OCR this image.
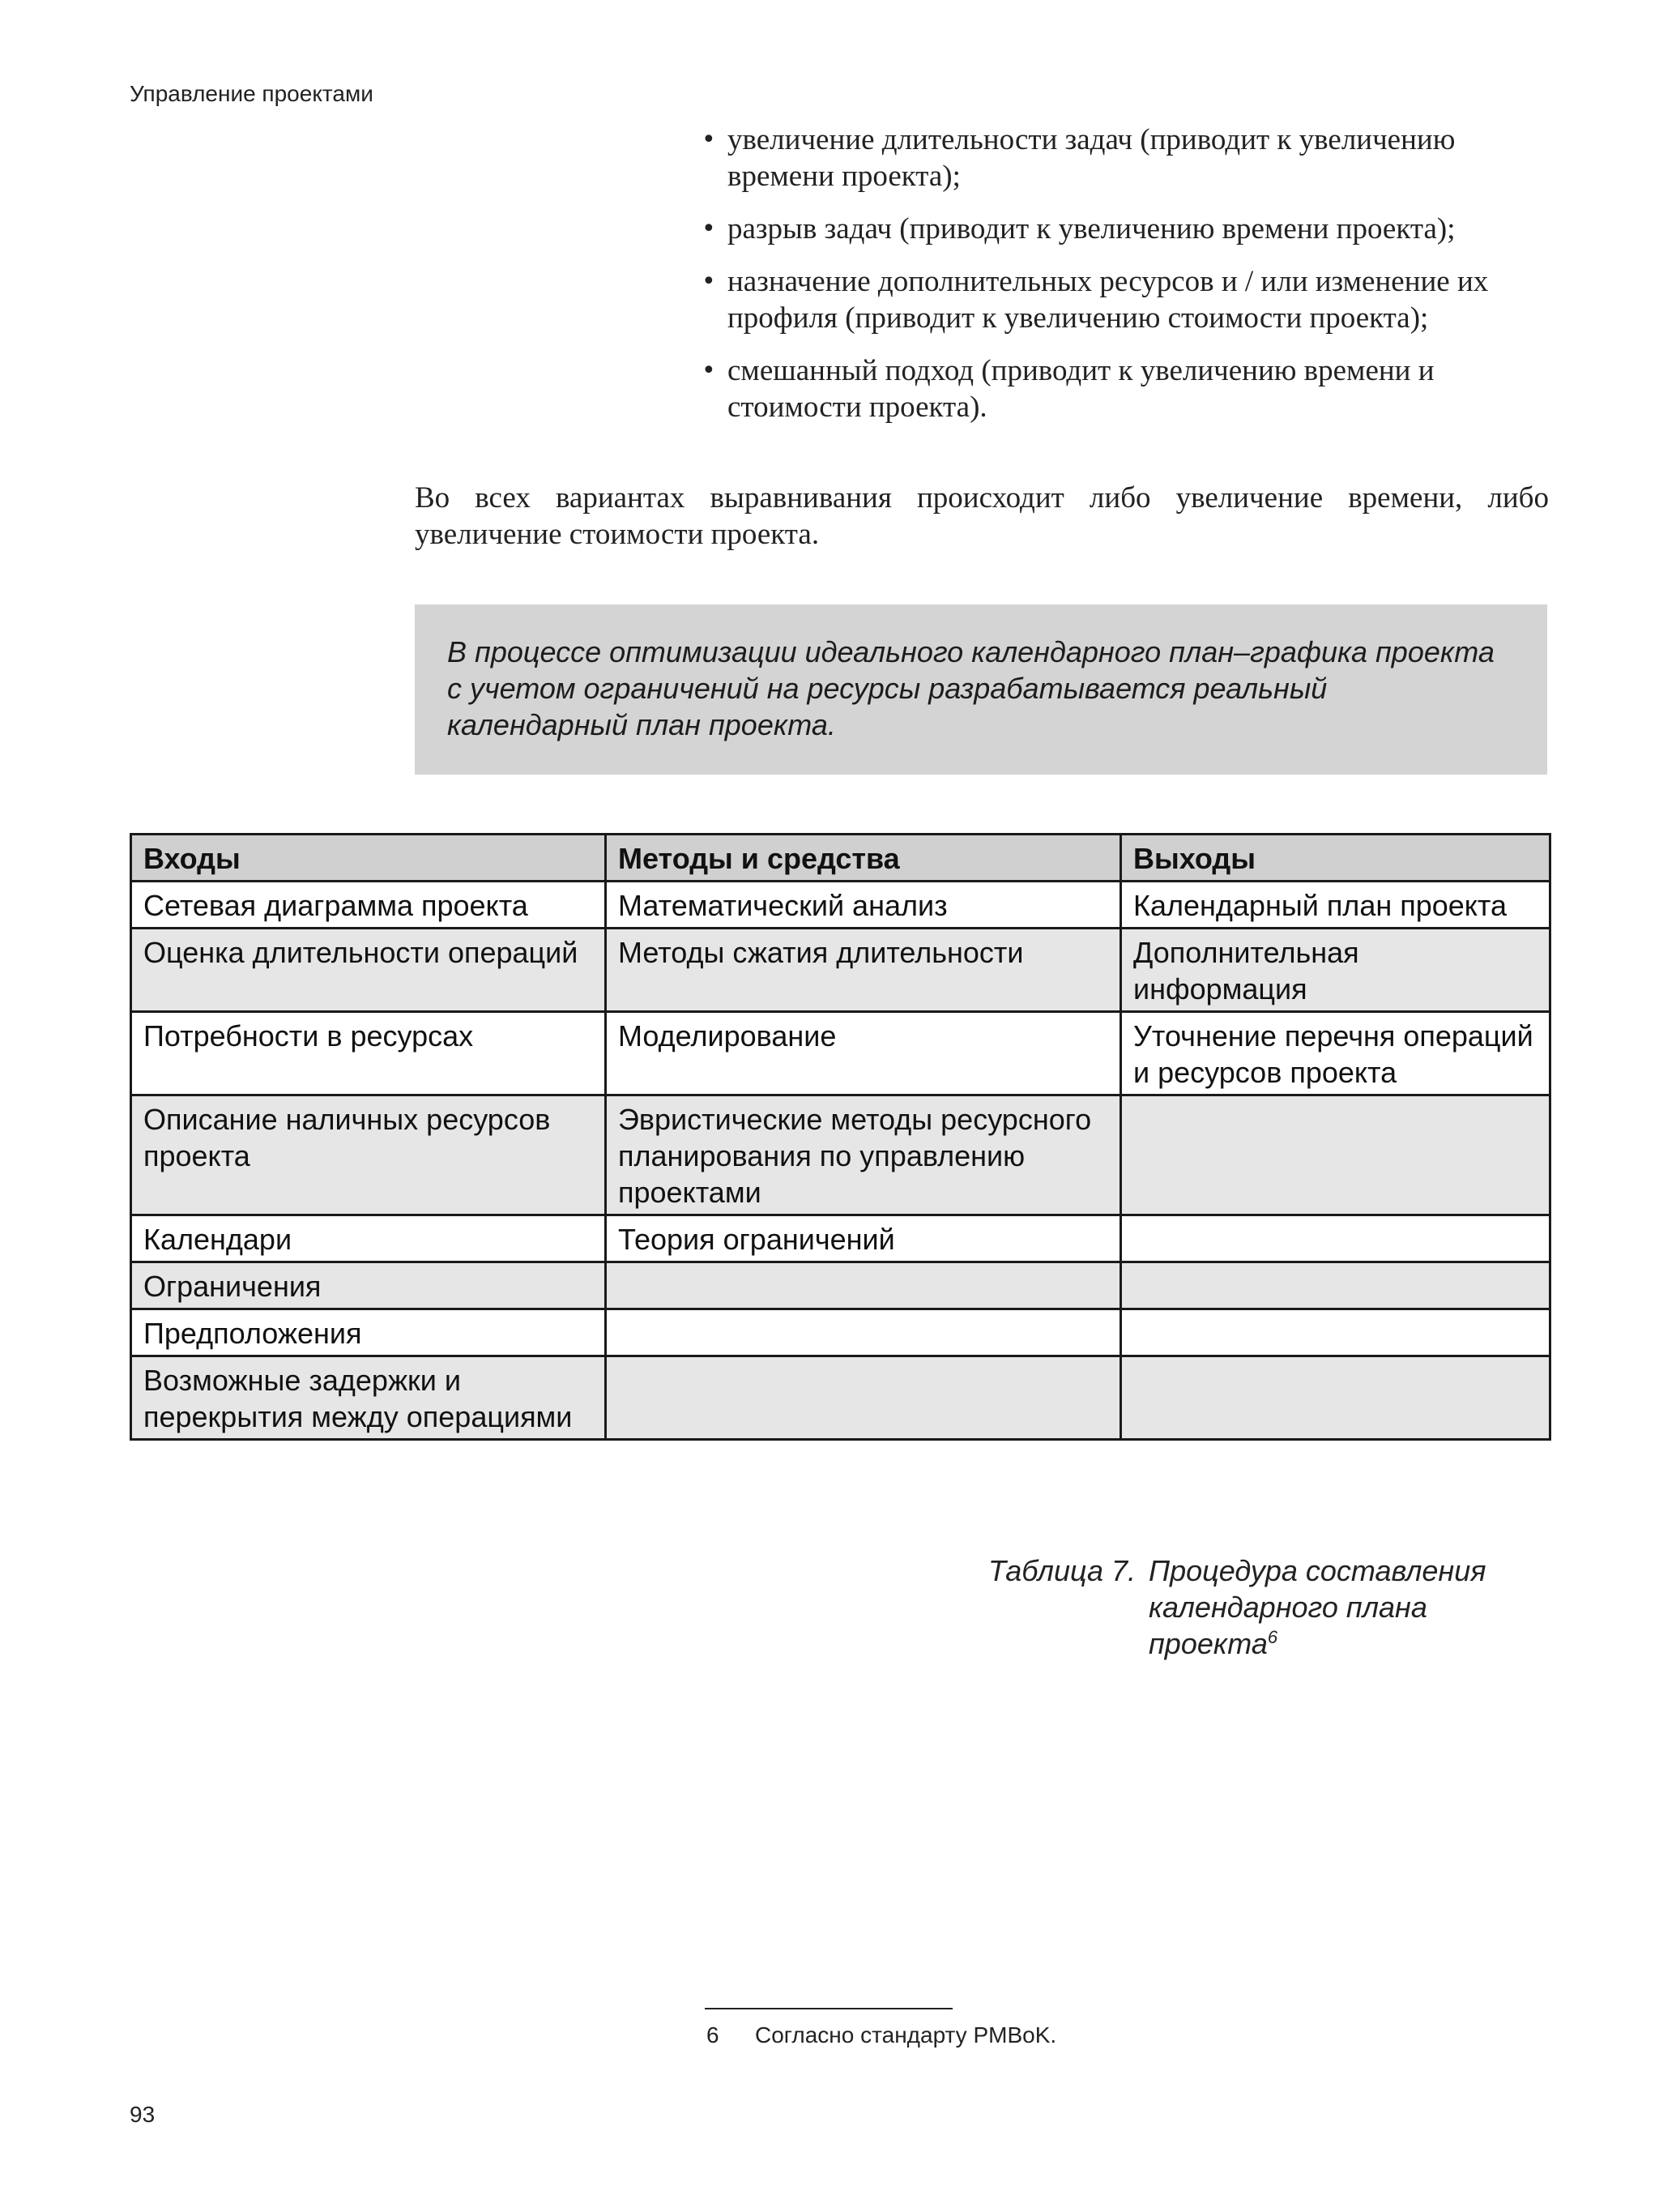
Управление проектами
• увеличение длительности задач (приводит к увеличению времени проекта);
• разрыв задач (приводит к увеличению времени проекта);
• назначение дополнительных ресурсов и / или изменение их профиля (приводит к увеличению стоимости проекта);
• смешанный подход (приводит к увеличению времени и стоимости проекта).

Во всех вариантах выравнивания происходит либо увеличение времени, либо увеличение стоимости проекта.

В процессе оптимизации идеального календарного план–графика проекта с учетом ограничений на ресурсы разрабатывается реальный календарный план проекта.
Входы	Методы и средства	Выходы
Сетевая диаграмма проекта	Математический анализ	Календарный план проекта
Оценка длительности операций	Методы сжатия длительности	Дополнительная информация
Потребности в ресурсах	Моделирование	Уточнение перечня операций и ресурсов проекта
Описание наличных ресурсов проекта	Эвристические методы ресурсного планирования по управлению проектами	
Календари	Теория ограничений	
Ограничения		
Предположения		
Возможные задержки и перекрытия между операциями		
Таблица 7. Процедура составления календарного плана проекта$^6$
6 Согласно стандарту PMBoK.
93
